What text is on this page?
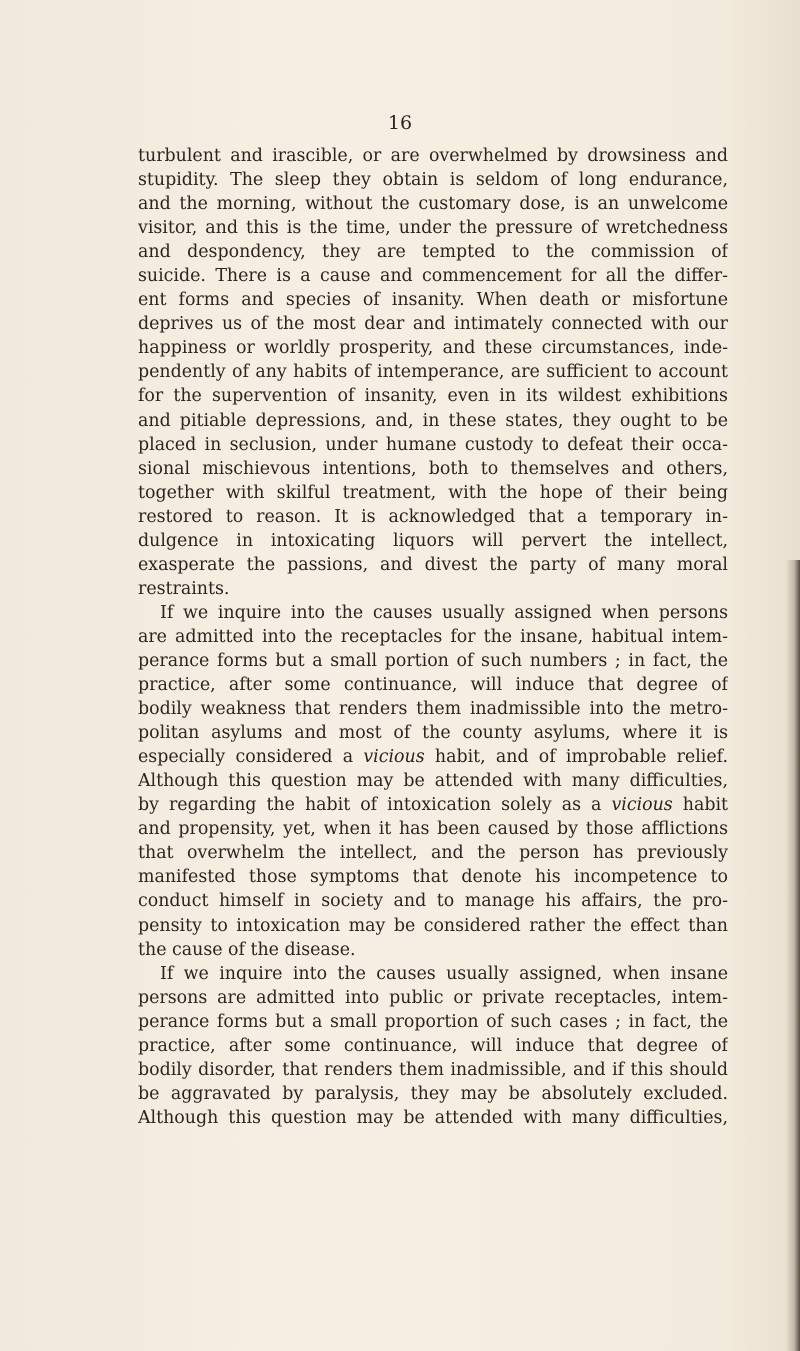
16
turbulent and irascible, or are overwhelmed by drowsiness and
stupidity. The sleep they obtain is seldom of long endurance,
and the morning, without the customary dose, is an unwelcome
visitor, and this is the time, under the pressure of wretchedness
and despondency, they are tempted to the commission of
suicide. There is a cause and commencement for all the differ-
ent forms and species of insanity. When death or misfortune
deprives us of the most dear and intimately connected with our
happiness or worldly prosperity, and these circumstances, inde-
pendently of any habits of intemperance, are sufficient to account
for the supervention of insanity, even in its wildest exhibitions
and pitiable depressions, and, in these states, they ought to be
placed in seclusion, under humane custody to defeat their occa-
sional mischievous intentions, both to themselves and others,
together with skilful treatment, with the hope of their being
restored to reason. It is acknowledged that a temporary in-
dulgence in intoxicating liquors will pervert the intellect,
exasperate the passions, and divest the party of many moral
restraints.
If we inquire into the causes usually assigned when persons
are admitted into the receptacles for the insane, habitual intem-
perance forms but a small portion of such numbers ; in fact, the
practice, after some continuance, will induce that degree of
bodily weakness that renders them inadmissible into the metro-
politan asylums and most of the county asylums, where it is
especially considered a vicious habit, and of improbable relief.
Although this question may be attended with many difficulties,
by regarding the habit of intoxication solely as a vicious habit
and propensity, yet, when it has been caused by those afflictions
that overwhelm the intellect, and the person has previously
manifested those symptoms that denote his incompetence to
conduct himself in society and to manage his affairs, the pro-
pensity to intoxication may be considered rather the effect than
the cause of the disease.
If we inquire into the causes usually assigned, when insane
persons are admitted into public or private receptacles, intem-
perance forms but a small proportion of such cases ; in fact, the
practice, after some continuance, will induce that degree of
bodily disorder, that renders them inadmissible, and if this should
be aggravated by paralysis, they may be absolutely excluded.
Although this question may be attended with many difficulties,
